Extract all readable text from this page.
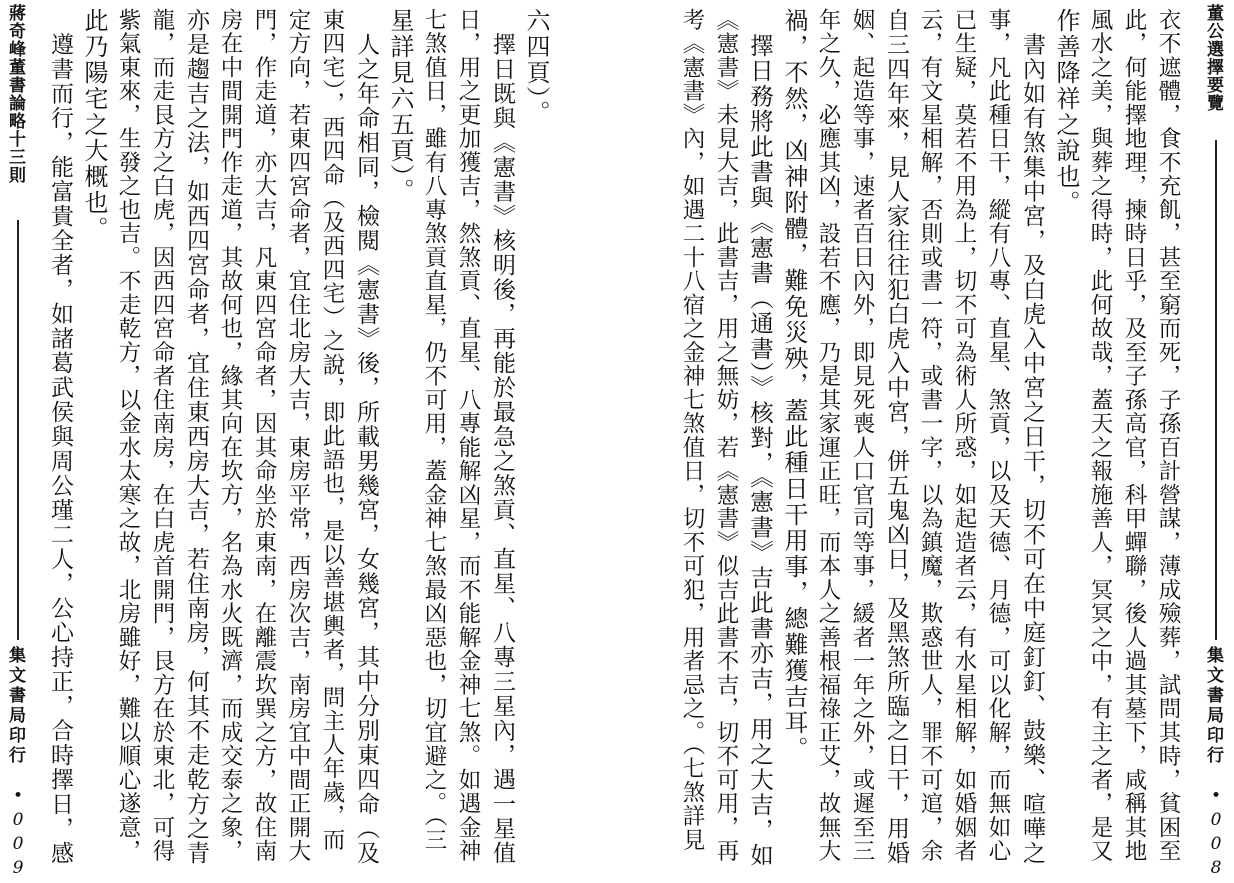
蔣奇峰董書論略十三則
集文書局印行
•009
六四頁）。
　擇日既與《憲書》核明後，再能於最急之煞貢、直星、八專三星內，遇一星值
日，用之更加獲吉，然煞貢、直星、八專能解凶星，而不能解金神七煞。如遇金神
七煞值日，雖有八專煞貢直星，仍不可用，蓋金神七煞最凶惡也，切宜避之。（三
星詳見六五頁）。
　人之年命相同，檢閱《憲書》後，所載男幾宮，女幾宮，其中分別東四命（及
東四宅），西四命（及西四宅）之說，即此語也，是以善堪輿者，問主人年歲，而
定方向，若東四宮命者，宜住北房大吉，東房平常，西房次吉，南房宜中間正開大
門，作走道，亦大吉，凡東四宮命者，因其命坐於東南，在離震坎巽之方，故住南
房在中間開門作走道，其故何也，緣其向在坎方，名為水火既濟，而成交泰之象，
亦是趨吉之法，如西四宮命者，宜住東西房大吉，若住南房，何其不走乾方之青
龍，而走艮方之白虎，因西四宮命者住南房，在白虎首開門，艮方在於東北，可得
紫氣東來，生發之也吉。不走乾方，以金水太寒之故，北房雖好，難以順心遂意，
此乃陽宅之大概也。
　遵書而行，能富貴全者，如諸葛武侯與周公瑾二人，公心持正，合時擇日，感	董公選擇要覽
集文書局印行
•008
衣不遮體，食不充飢，甚至窮而死，子孫百計營謀，薄成殮葬，試問其時，貧困至
此，何能擇地理，揀時日乎，及至子孫高官，科甲蟬聯，後人過其墓下，咸稱其地
風水之美，與葬之得時，此何故哉，蓋天之報施善人，冥冥之中，有主之者，是又
作善降祥之說也。
　書內如有煞集中宮，及白虎入中宮之日干，切不可在中庭釘釘、鼓樂、喧嘩之
事，凡此種日干，縱有八專、直星、煞貢，以及天德、月德，可以化解，而無如心
已生疑，莫若不用為上，切不可為術人所惑，如起造者云，有水星相解，如婚姻者
云，有文星相解，否則或書一符，或書一字，以為鎮魔，欺惑世人，罪不可逭，余
自三四年來，見人家往往犯白虎入中宮，併五鬼凶日，及黑煞所臨之日干，用婚
姻、起造等事，速者百日內外，即見死喪人口官司等事，緩者一年之外，或遲至三
年之久，必應其凶，設若不應，乃是其家運正旺，而本人之善根福祿正艾，故無大
禍，不然，凶神附體，難免災殃，蓋此種日干用事，總難獲吉耳。
　擇日務將此書與《憲書（通書）》核對，《憲書》吉此書亦吉，用之大吉，如
《憲書》未見大吉，此書吉，用之無妨，若《憲書》似吉此書不吉，切不可用，再
考《憲書》內，如遇二十八宿之金神七煞值日，切不可犯，用者忌之。（七煞詳見
